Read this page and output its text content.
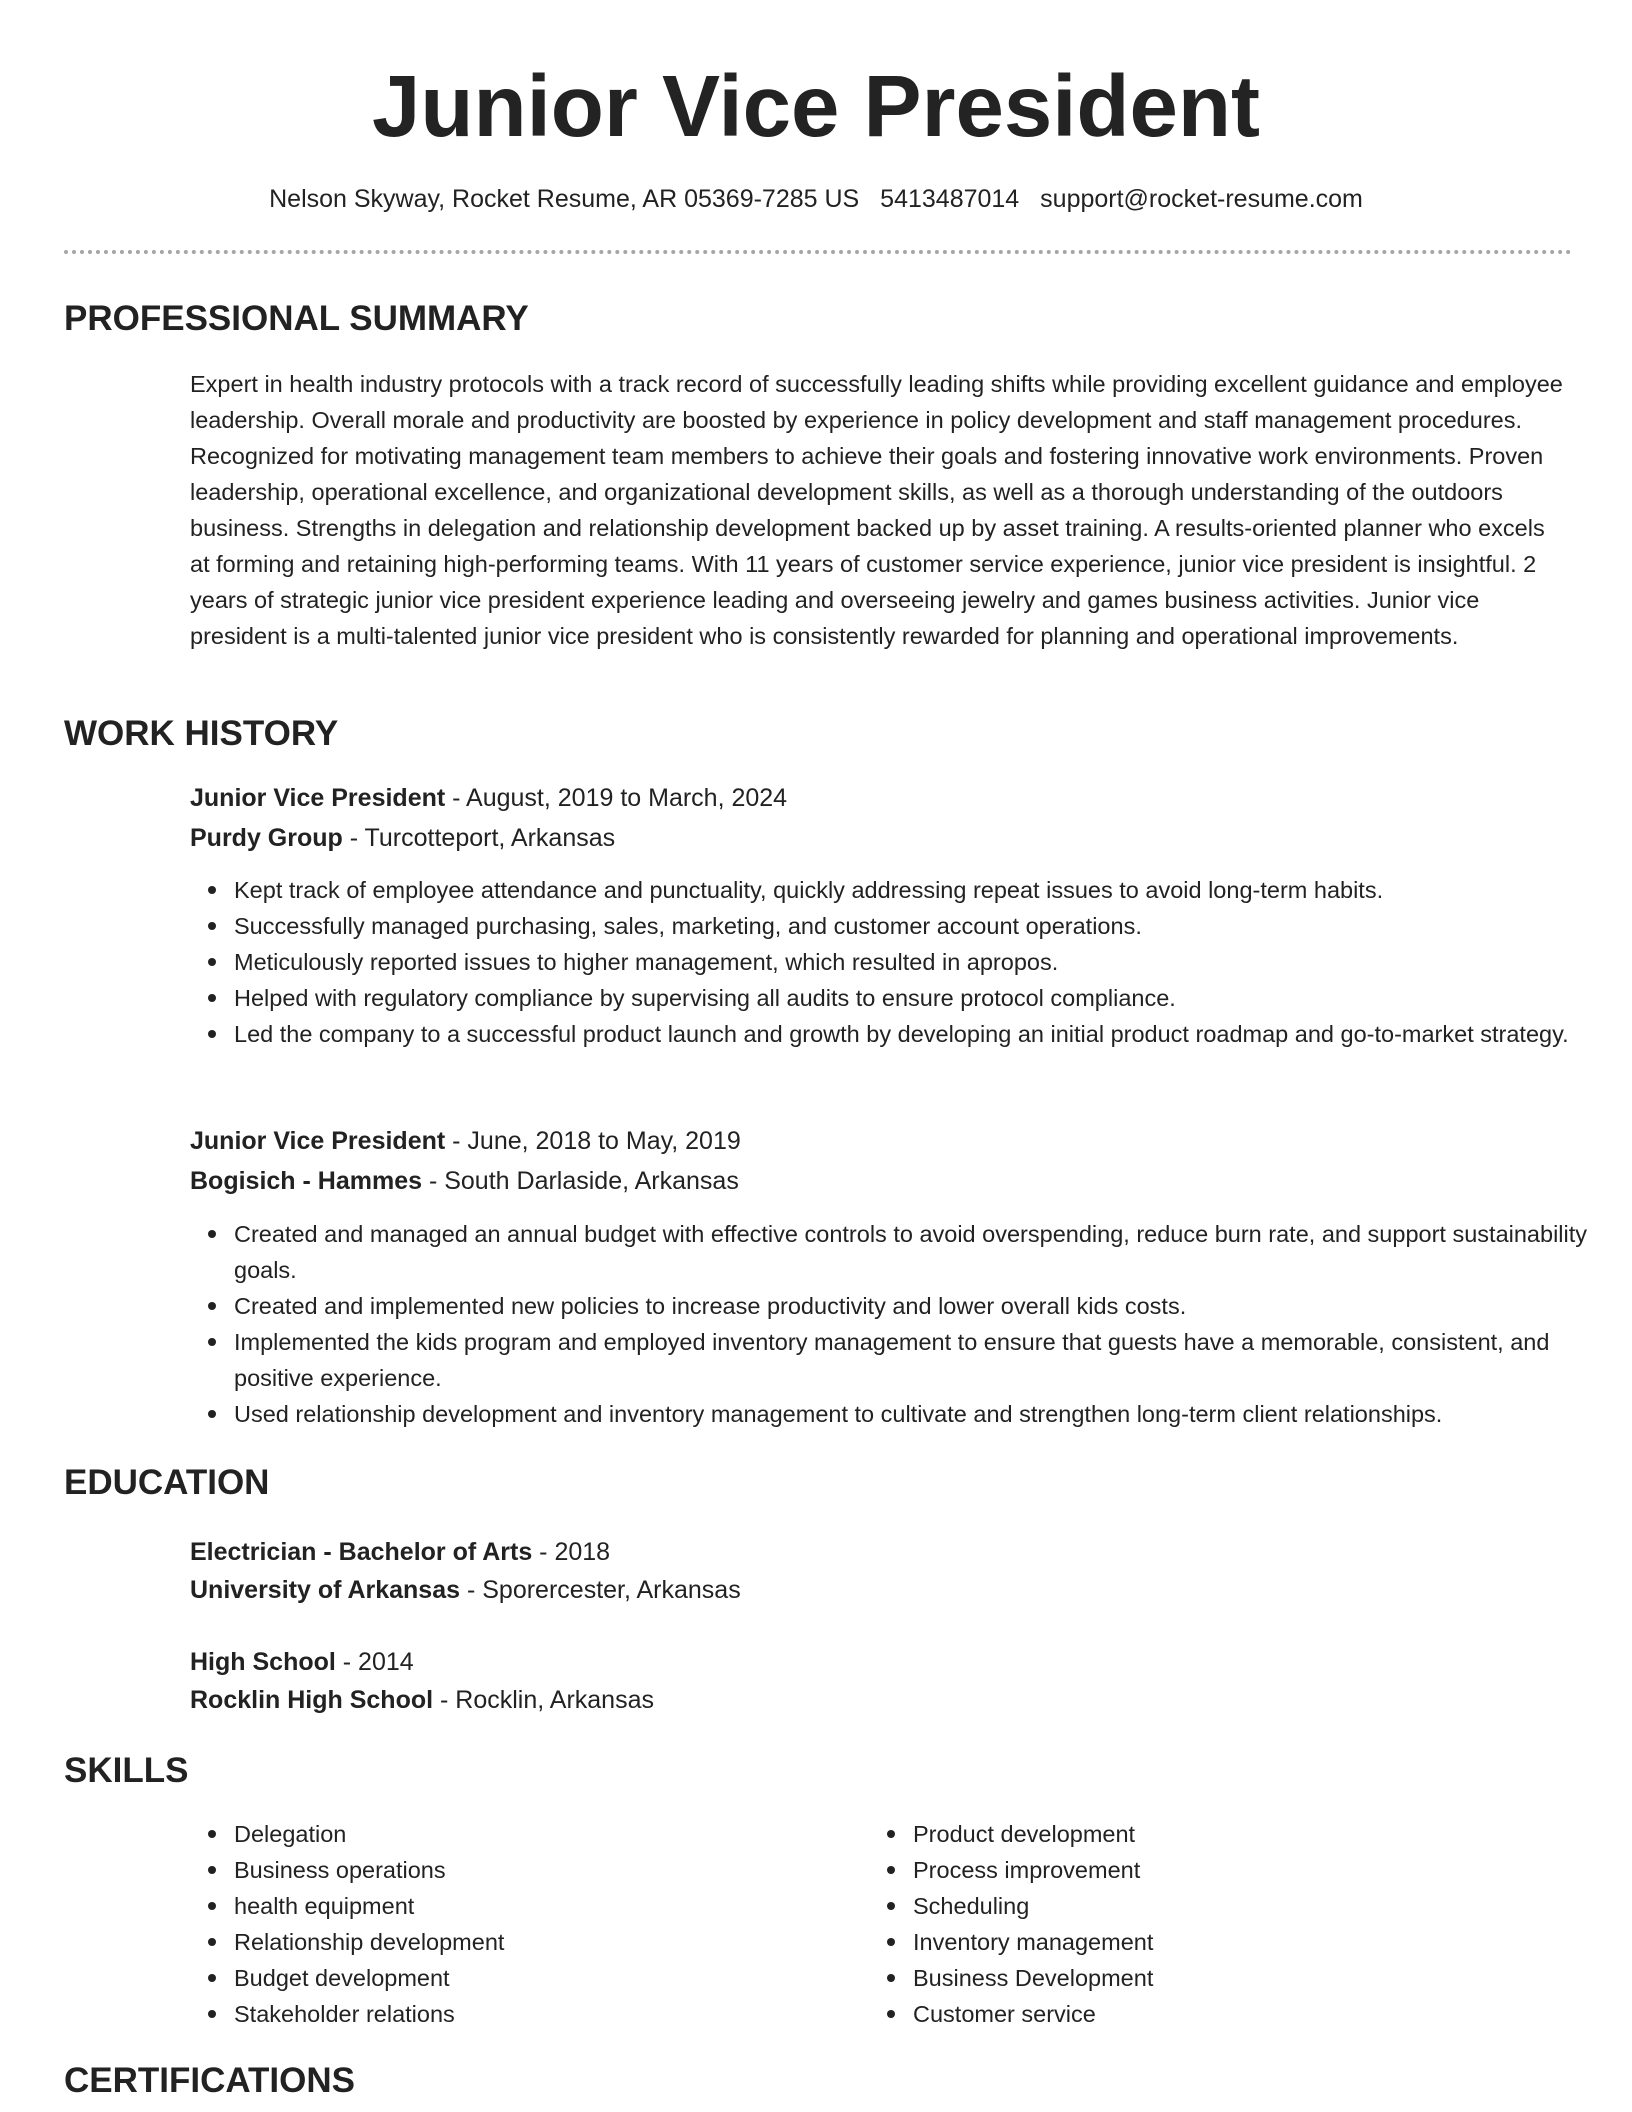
Junior Vice President
Nelson Skyway, Rocket Resume, AR 05369-7285 US 5413487014 support@rocket-resume.com
PROFESSIONAL SUMMARY

Expert in health industry protocols with a track record of successfully leading shifts while providing excellent guidance and employee leadership. Overall morale and productivity are boosted by experience in policy development and staff management procedures. Recognized for motivating management team members to achieve their goals and fostering innovative work environments. Proven leadership, operational excellence, and organizational development skills, as well as a thorough understanding of the outdoors business. Strengths in delegation and relationship development backed up by asset training. A results-oriented planner who excels at forming and retaining high-performing teams. With 11 years of customer service experience, junior vice president is insightful. 2 years of strategic junior vice president experience leading and overseeing jewelry and games business activities. Junior vice president is a multi-talented junior vice president who is consistently rewarded for planning and operational improvements.

WORK HISTORY
Junior Vice President - August, 2019 to March, 2024
Purdy Group - Turcotteport, Arkansas
Kept track of employee attendance and punctuality, quickly addressing repeat issues to avoid long-term habits.
Successfully managed purchasing, sales, marketing, and customer account operations.
Meticulously reported issues to higher management, which resulted in apropos.
Helped with regulatory compliance by supervising all audits to ensure protocol compliance.
Led the company to a successful product launch and growth by developing an initial product roadmap and go-to-market strategy.
Junior Vice President - June, 2018 to May, 2019
Bogisich - Hammes - South Darlaside, Arkansas
Created and managed an annual budget with effective controls to avoid overspending, reduce burn rate, and support sustainability goals.
Created and implemented new policies to increase productivity and lower overall kids costs.
Implemented the kids program and employed inventory management to ensure that guests have a memorable, consistent, and positive experience.
Used relationship development and inventory management to cultivate and strengthen long-term client relationships.
EDUCATION
Electrician - Bachelor of Arts - 2018
University of Arkansas - Sporercester, Arkansas
High School - 2014
Rocklin High School - Rocklin, Arkansas
SKILLS
Delegation
Business operations
health equipment
Relationship development
Budget development
Stakeholder relations
Product development
Process improvement
Scheduling
Inventory management
Business Development
Customer service
CERTIFICATIONS
